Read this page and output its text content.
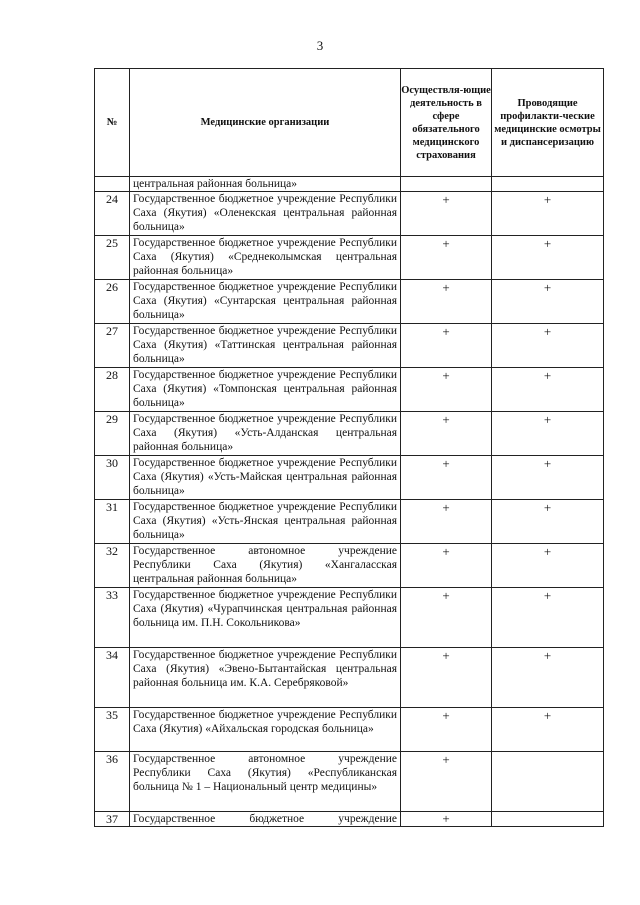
3
№	Медицинские организации	Осуществля-ющие деятельность в сфере обязательного медицинского страхования	Проводящие профилакти-ческие медицинские осмотры и диспансеризацию
	центральная районная больница»		
24	Государственное бюджетное учреждение Республики Саха (Якутия) «Оленекская центральная районная больница»	+	+
25	Государственное бюджетное учреждение Республики Саха (Якутия) «Среднеколымская центральная районная больница»	+	+
26	Государственное бюджетное учреждение Республики Саха (Якутия) «Сунтарская центральная районная больница»	+	+
27	Государственное бюджетное учреждение Республики Саха (Якутия) «Таттинская центральная районная больница»	+	+
28	Государственное бюджетное учреждение Республики Саха (Якутия) «Томпонская центральная районная больница»	+	+
29	Государственное бюджетное учреждение Республики Саха (Якутия) «Усть-Алданская центральная районная больница»	+	+
30	Государственное бюджетное учреждение Республики Саха (Якутия) «Усть-Майская центральная районная больница»	+	+
31	Государственное бюджетное учреждение Республики Саха (Якутия) «Усть-Янская центральная районная больница»	+	+
32	Государственное автономное учреждение Республики Саха (Якутия) «Хангаласская центральная районная больница»	+	+
33	Государственное бюджетное учреждение Республики Саха (Якутия) «Чурапчинская центральная районная больница им. П.Н. Сокольникова»	+	+
34	Государственное бюджетное учреждение Республики Саха (Якутия) «Эвено-Бытантайская центральная районная больница им. К.А. Серебряковой»	+	+
35	Государственное бюджетное учреждение Республики Саха (Якутия) «Айхальская городская больница»	+	+
36	Государственное автономное учреждение Республики Саха (Якутия) «Республиканская больница № 1 – Национальный центр медицины»	+	
37	Государственное бюджетное учреждение	+	
